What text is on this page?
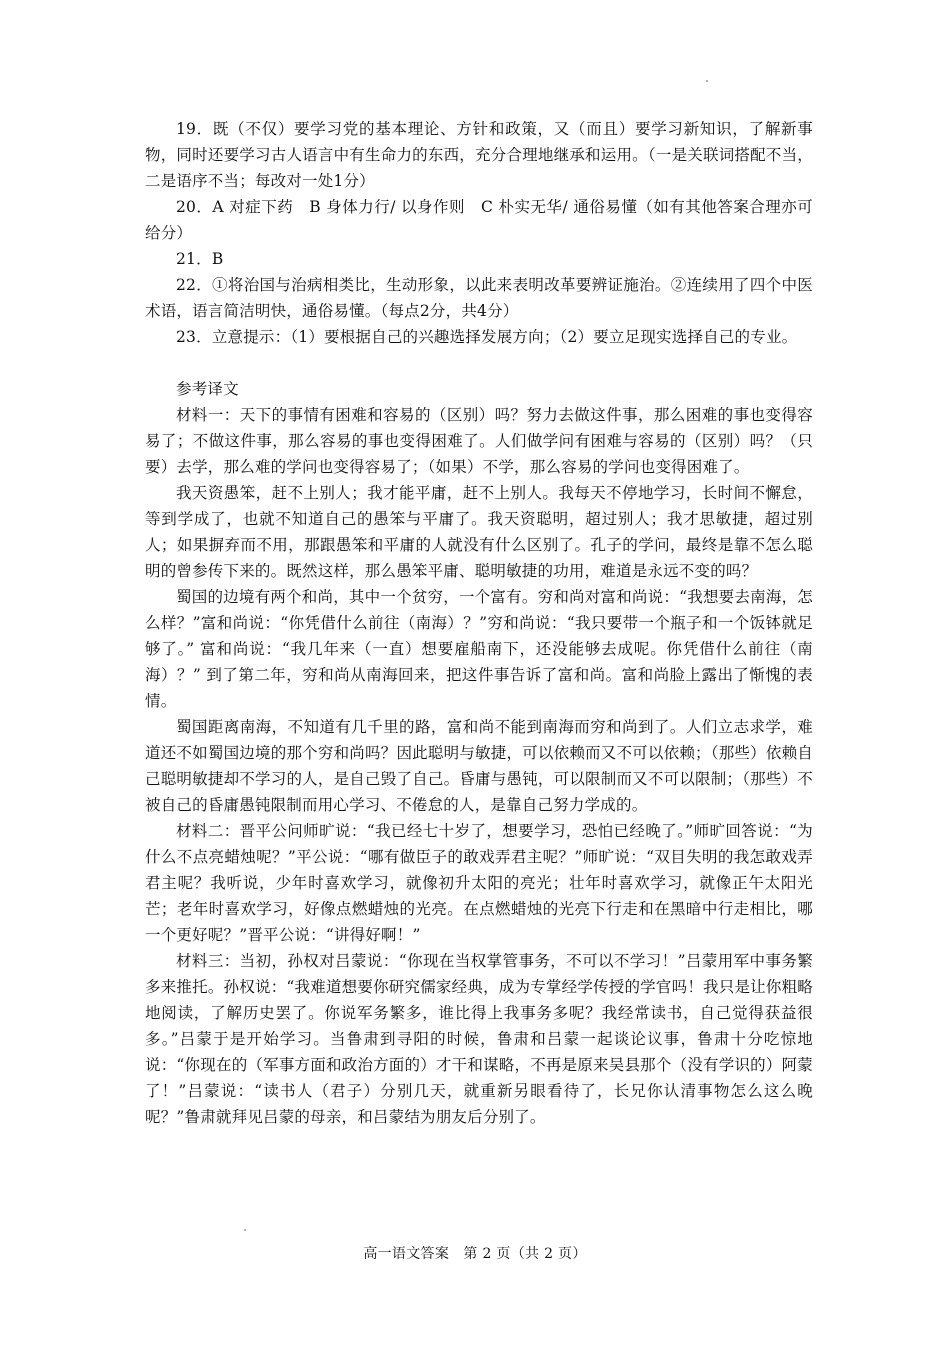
19．既（不仅）要学习党的基本理论、方针和政策，又（而且）要学习新知识，了解新事物，同时还要学习古人语言中有生命力的东西，充分合理地继承和运用。（一是关联词搭配不当，二是语序不当；每改对一处1分）

20．A 对症下药　B 身体力行/ 以身作则　C 朴实无华/ 通俗易懂（如有其他答案合理亦可给分）

21．B

22．①将治国与治病相类比，生动形象，以此来表明改革要辨证施治。②连续用了四个中医术语，语言简洁明快，通俗易懂。（每点2分，共4分）

23．立意提示：（1）要根据自己的兴趣选择发展方向；（2）要立足现实选择自己的专业。

参考译文

材料一：天下的事情有困难和容易的（区别）吗？努力去做这件事，那么困难的事也变得容易了；不做这件事，那么容易的事也变得困难了。人们做学问有困难与容易的（区别）吗？（只要）去学，那么难的学问也变得容易了；（如果）不学，那么容易的学问也变得困难了。

我天资愚笨，赶不上别人；我才能平庸，赶不上别人。我每天不停地学习，长时间不懈怠，等到学成了，也就不知道自己的愚笨与平庸了。我天资聪明，超过别人；我才思敏捷，超过别人；如果摒弃而不用，那跟愚笨和平庸的人就没有什么区别了。孔子的学问，最终是靠不怎么聪明的曾参传下来的。既然这样，那么愚笨平庸、聪明敏捷的功用，难道是永远不变的吗？

蜀国的边境有两个和尚，其中一个贫穷，一个富有。穷和尚对富和尚说：“我想要去南海，怎么样？”富和尚说：“你凭借什么前往（南海）？”穷和尚说：“我只要带一个瓶子和一个饭钵就足够了。” 富和尚说：“我几年来（一直）想要雇船南下，还没能够去成呢。你凭借什么前往（南海）？” 到了第二年，穷和尚从南海回来，把这件事告诉了富和尚。富和尚脸上露出了惭愧的表情。

蜀国距离南海，不知道有几千里的路，富和尚不能到南海而穷和尚到了。人们立志求学，难道还不如蜀国边境的那个穷和尚吗？因此聪明与敏捷，可以依赖而又不可以依赖；（那些）依赖自己聪明敏捷却不学习的人，是自己毁了自己。昏庸与愚钝，可以限制而又不可以限制；（那些）不被自己的昏庸愚钝限制而用心学习、不倦怠的人，是靠自己努力学成的。

材料二：晋平公问师旷说：“我已经七十岁了，想要学习，恐怕已经晚了。”师旷回答说：“为什么不点亮蜡烛呢？”平公说：“哪有做臣子的敢戏弄君主呢？”师旷说：“双目失明的我怎敢戏弄君主呢？我听说，少年时喜欢学习，就像初升太阳的亮光；壮年时喜欢学习，就像正午太阳光芒；老年时喜欢学习，好像点燃蜡烛的光亮。在点燃蜡烛的光亮下行走和在黑暗中行走相比，哪一个更好呢？”晋平公说：“讲得好啊！”

材料三：当初，孙权对吕蒙说：“你现在当权掌管事务，不可以不学习！”吕蒙用军中事务繁多来推托。孙权说：“我难道想要你研究儒家经典，成为专掌经学传授的学官吗！我只是让你粗略地阅读，了解历史罢了。你说军务繁多，谁比得上我事务多呢？我经常读书，自己觉得获益很多。”吕蒙于是开始学习。当鲁肃到寻阳的时候，鲁肃和吕蒙一起谈论议事，鲁肃十分吃惊地说：“你现在的（军事方面和政治方面的）才干和谋略，不再是原来吴县那个（没有学识的）阿蒙了！”吕蒙说：“读书人（君子）分别几天，就重新另眼看待了，长兄你认清事物怎么这么晚呢？”鲁肃就拜见吕蒙的母亲，和吕蒙结为朋友后分别了。

高一语文答案　第 2 页（共 2 页）
